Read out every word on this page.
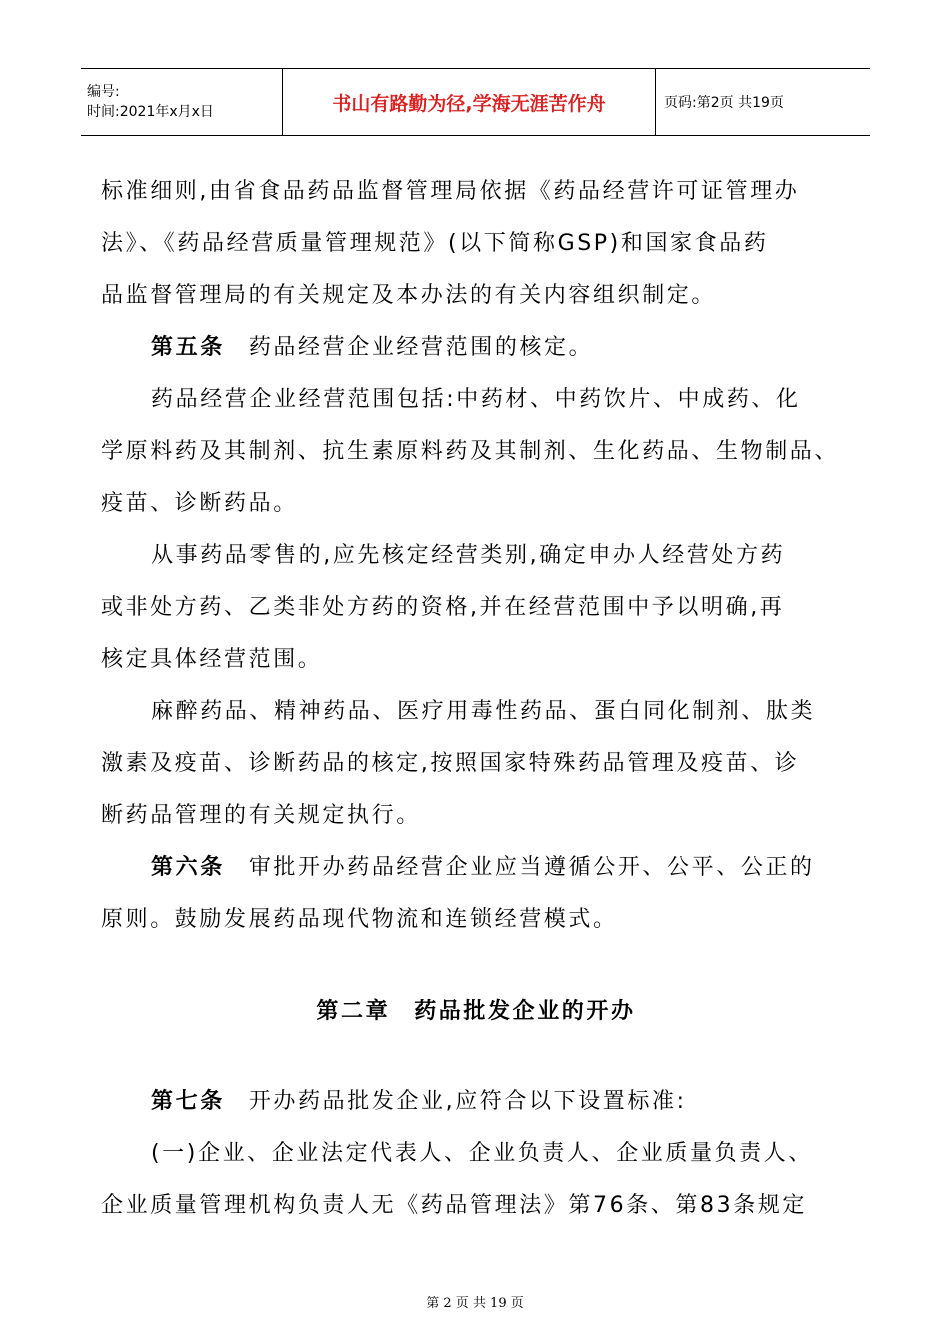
编号:
时间:2021年x月x日	书山有路勤为径,学海无涯苦作舟	页码:第2页 共19页
标准细则,由省食品药品监督管理局依据《药品经营许可证管理办
法》、《药品经营质量管理规范》(以下简称GSP)和国家食品药
品监督管理局的有关规定及本办法的有关内容组织制定。
第五条 药品经营企业经营范围的核定。
药品经营企业经营范围包括:中药材、中药饮片、中成药、化
学原料药及其制剂、抗生素原料药及其制剂、生化药品、生物制品、
疫苗、诊断药品。
从事药品零售的,应先核定经营类别,确定申办人经营处方药
或非处方药、乙类非处方药的资格,并在经营范围中予以明确,再
核定具体经营范围。
麻醉药品、精神药品、医疗用毒性药品、蛋白同化制剂、肽类
激素及疫苗、诊断药品的核定,按照国家特殊药品管理及疫苗、诊
断药品管理的有关规定执行。
第六条 审批开办药品经营企业应当遵循公开、公平、公正的
原则。鼓励发展药品现代物流和连锁经营模式。
第二章 药品批发企业的开办
第七条 开办药品批发企业,应符合以下设置标准:
(一)企业、企业法定代表人、企业负责人、企业质量负责人、
企业质量管理机构负责人无《药品管理法》第76条、第83条规定
第 2 页 共 19 页
